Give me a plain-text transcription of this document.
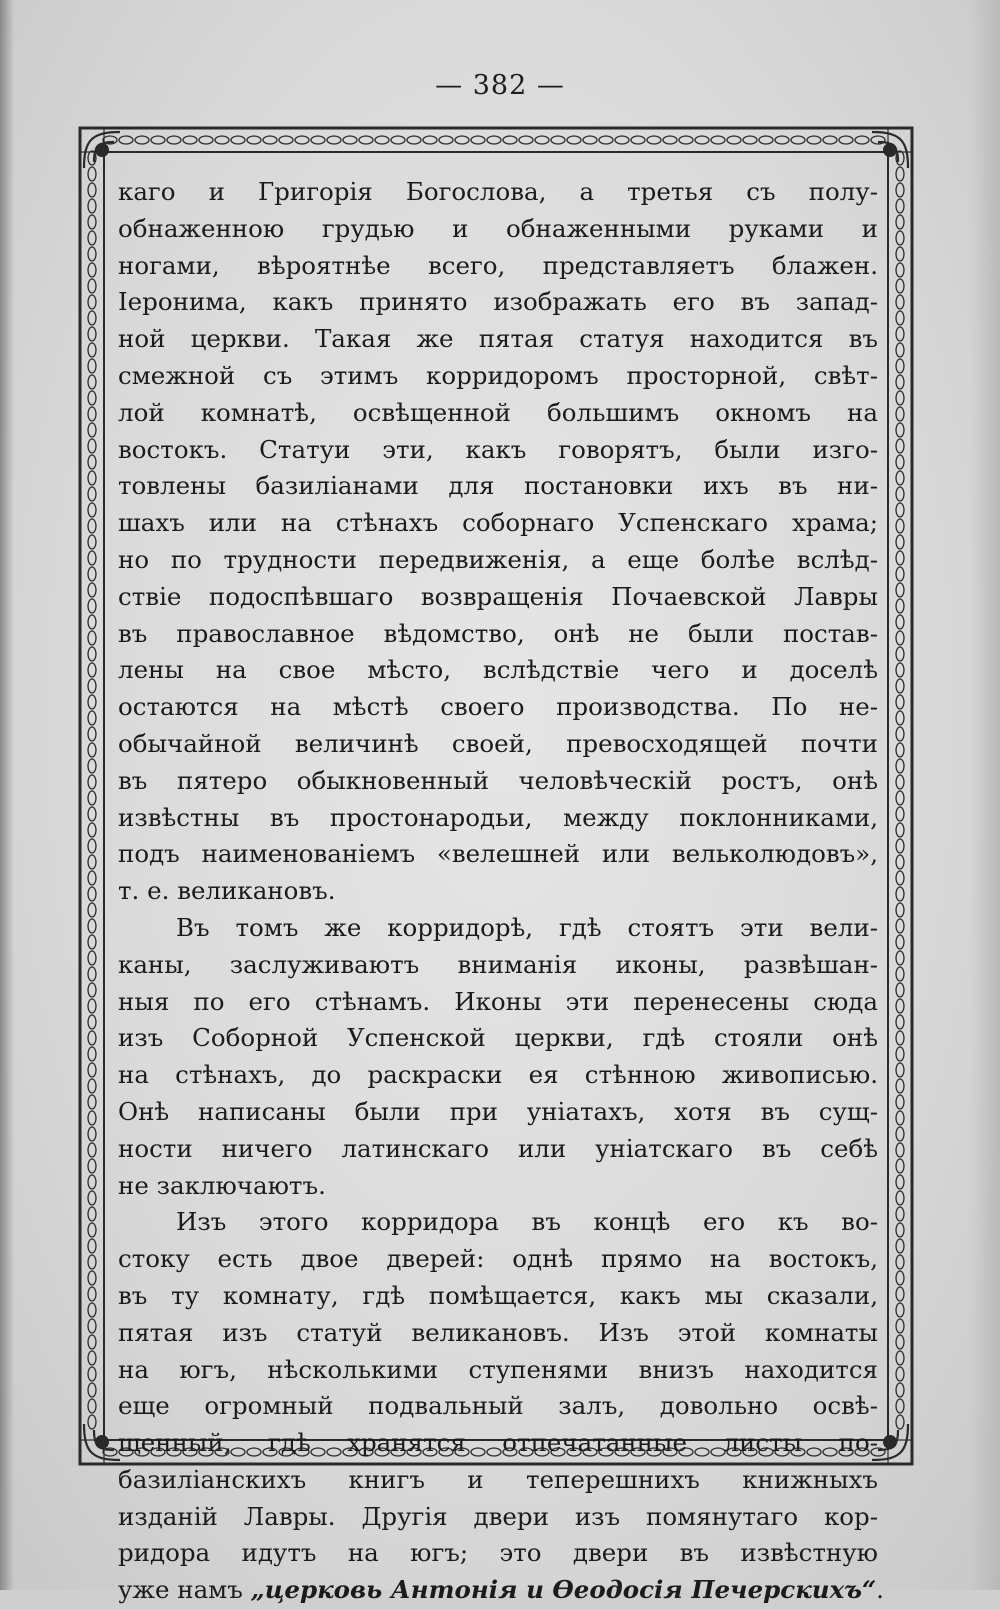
— 382 —
каго и Григорія Богослова, а третья съ полу-
обнаженною грудью и обнаженными руками и
ногами, вѣроятнѣе всего, представляетъ блажен.
Іеронима, какъ принято изображать его въ запад-
ной церкви. Такая же пятая статуя находится въ
смежной съ этимъ корридоромъ просторной, свѣт-
лой комнатѣ, освѣщенной большимъ окномъ на
востокъ. Статуи эти, какъ говорятъ, были изго-
товлены базиліанами для постановки ихъ въ ни-
шахъ или на стѣнахъ соборнаго Успенскаго храма;
но по трудности передвиженія, а еще болѣе вслѣд-
ствіе подоспѣвшаго возвращенія Почаевской Лавры
въ православное вѣдомство, онѣ не были постав-
лены на свое мѣсто, вслѣдствіе чего и доселѣ
остаются на мѣстѣ своего производства. По не-
обычайной величинѣ своей, превосходящей почти
въ пятеро обыкновенный человѣческій ростъ, онѣ
извѣстны въ простонародьи, между поклонниками,
подъ наименованіемъ «велешней или велькoлюдовъ»,
т. е. великановъ.
Въ томъ же корридорѣ, гдѣ стоятъ эти вели-
каны, заслуживаютъ вниманія иконы, развѣшан-
ныя по его стѣнамъ. Иконы эти перенесены сюда
изъ Соборной Успенской церкви, гдѣ стояли онѣ
на стѣнахъ, до раскраски ея стѣнною живописью.
Онѣ написаны были при уніатахъ, хотя въ сущ-
ности ничего латинскаго или уніатскаго въ себѣ
не заключаютъ.
Изъ этого корридора въ концѣ его къ во-
стоку есть двое дверей: однѣ прямо на востокъ,
въ ту комнату, гдѣ помѣщается, какъ мы сказали,
пятая изъ статуй великановъ. Изъ этой комнаты
на югъ, нѣсколькими ступенями внизъ находится
еще огромный подвальный залъ, довольно освѣ-
щенный, гдѣ хранятся отпечатанные листы по-
базиліанскихъ книгъ и теперешнихъ книжныхъ
изданій Лавры. Другія двери изъ помянутаго кор-
ридора идутъ на югъ; это двери въ извѣстную
уже намъ „церковь Антонія и Ѳеодосія Печерскихъ“.
